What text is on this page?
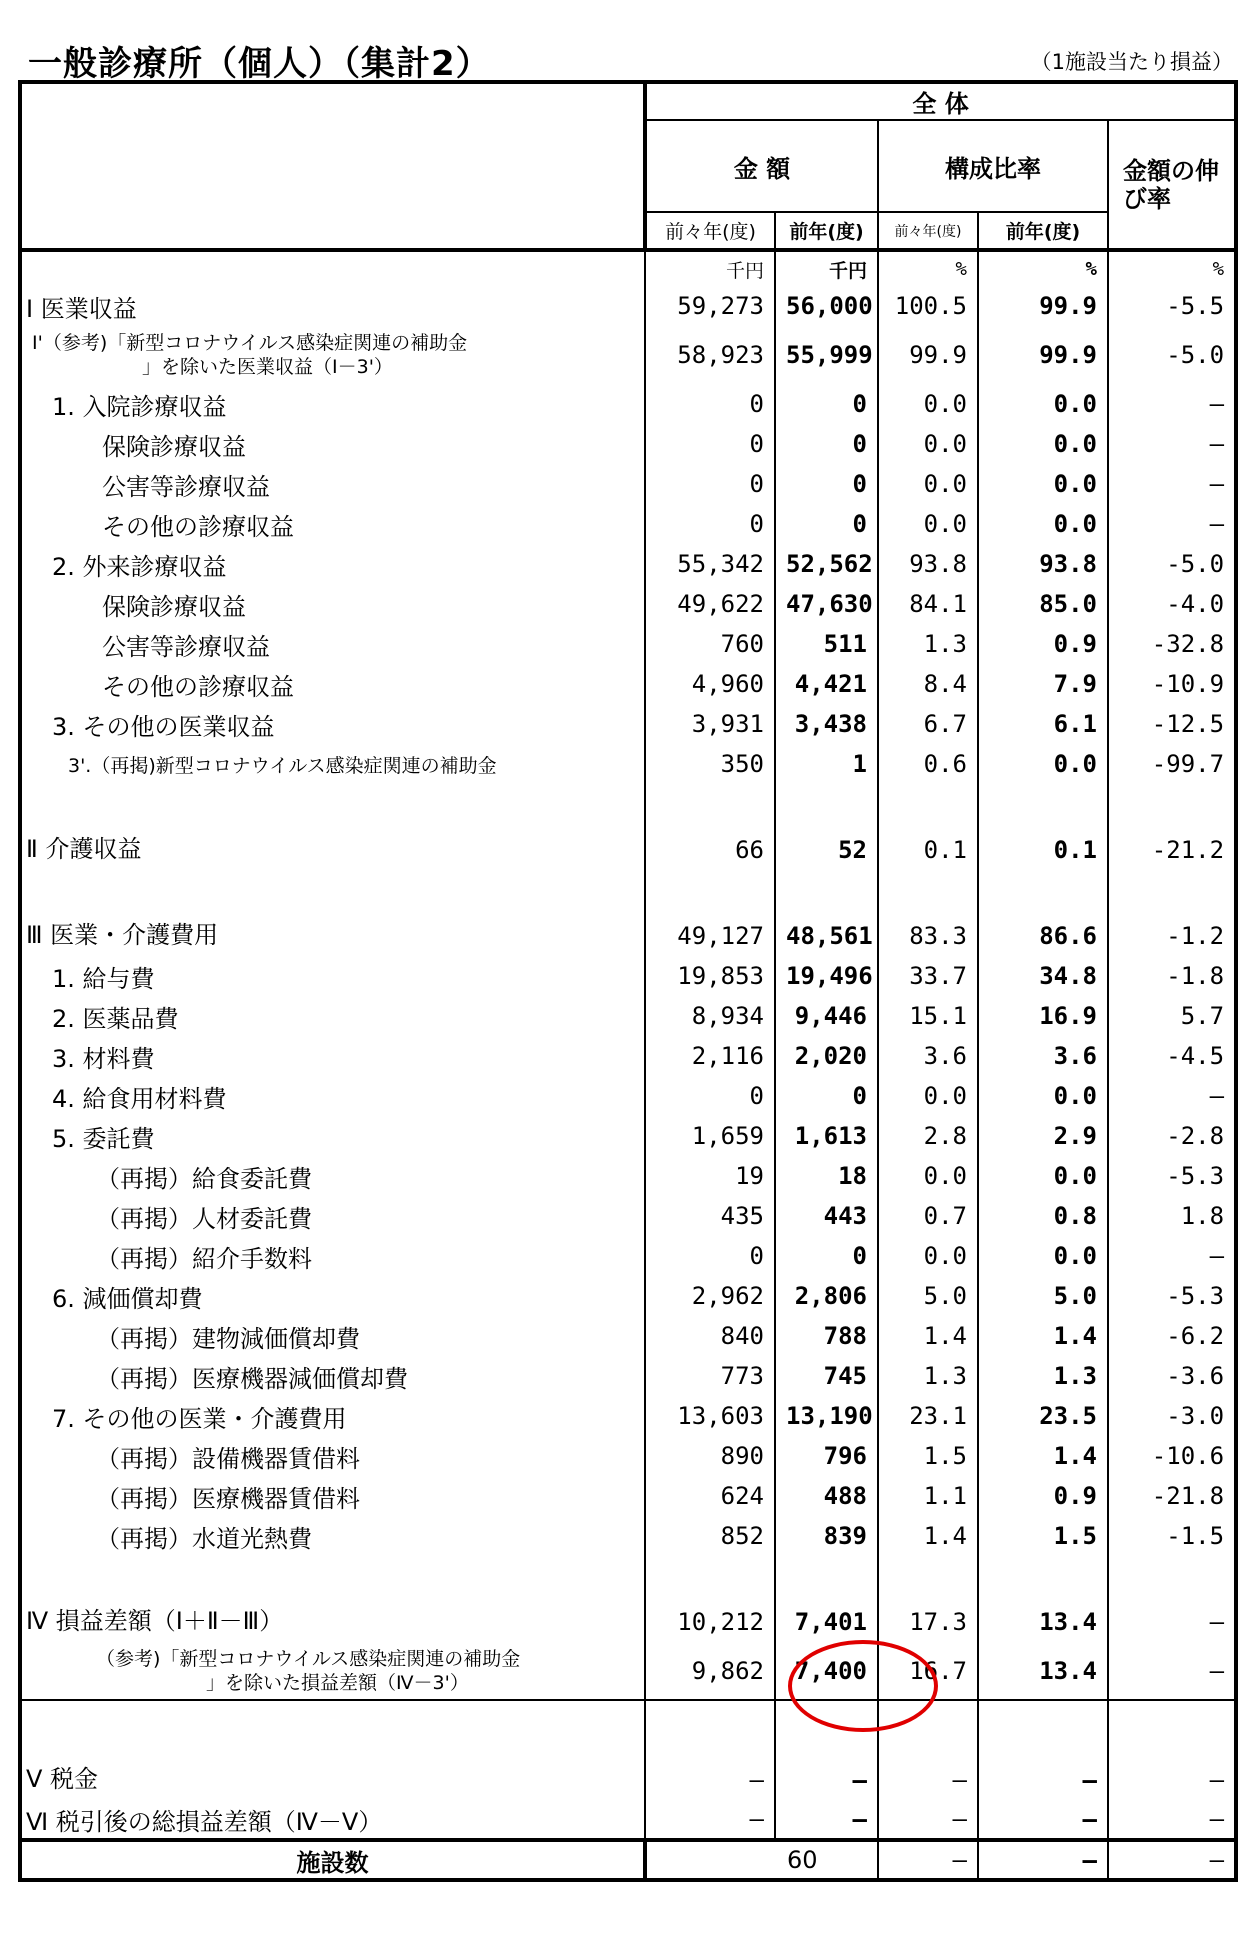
一般診療所（個人）（集計2）	（1施設当たり損益）
	全 体				
	金 額		構成比率		金額の伸び率
	前々年(度)	前年(度)	前々年(度)	前年(度)	

	千円	千円	%	%	%
Ⅰ 医業収益	59,273	56,000	100.5	99.9	-5.5

Ⅰ'（参考)「新型コロナウイルス感染症関連の補助金
」を除いた医業収益（Ⅰ－3'）	58,923	55,999	99.9	99.9	-5.0
1. 入院診療収益	0	0	0.0	0.0	—
保険診療収益	0	0	0.0	0.0	—
公害等診療収益	0	0	0.0	0.0	—
その他の診療収益	0	0	0.0	0.0	—
2. 外来診療収益	55,342	52,562	93.8	93.8	-5.0
保険診療収益	49,622	47,630	84.1	85.0	-4.0
公害等診療収益	760	511	1.3	0.9	-32.8
その他の診療収益	4,960	4,421	8.4	7.9	-10.9
3. その他の医業収益	3,931	3,438	6.7	6.1	-12.5
3'.（再掲)新型コロナウイルス感染症関連の補助金	350	1	0.6	0.0	-99.7
Ⅱ 介護収益	66	52	0.1	0.1	-21.2
Ⅲ 医業・介護費用	49,127	48,561	83.3	86.6	-1.2
1. 給与費	19,853	19,496	33.7	34.8	-1.8
2. 医薬品費	8,934	9,446	15.1	16.9	5.7
3. 材料費	2,116	2,020	3.6	3.6	-4.5
4. 給食用材料費	0	0	0.0	0.0	—
5. 委託費	1,659	1,613	2.8	2.9	-2.8
（再掲）給食委託費	19	18	0.0	0.0	-5.3
（再掲）人材委託費	435	443	0.7	0.8	1.8
（再掲）紹介手数料	0	0	0.0	0.0	—
6. 減価償却費	2,962	2,806	5.0	5.0	-5.3
（再掲）建物減価償却費	840	788	1.4	1.4	-6.2
（再掲）医療機器減価償却費	773	745	1.3	1.3	-3.6
7. その他の医業・介護費用	13,603	13,190	23.1	23.5	-3.0
（再掲）設備機器賃借料	890	796	1.5	1.4	-10.6
（再掲）医療機器賃借料	624	488	1.1	0.9	-21.8
（再掲）水道光熱費	852	839	1.4	1.5	-1.5
Ⅳ 損益差額（Ⅰ＋Ⅱ－Ⅲ）	10,212	7,401	17.3	13.4	—

（参考)「新型コロナウイルス感染症関連の補助金
」を除いた損益差額（Ⅳ－3'）	9,862	7,400	16.7	13.4	—
Ⅴ 税金	—	—	—	—	—
Ⅵ 税引後の総損益差額（Ⅳ－Ⅴ）	—	—	—	—	—
施設数	60		—	—	—
